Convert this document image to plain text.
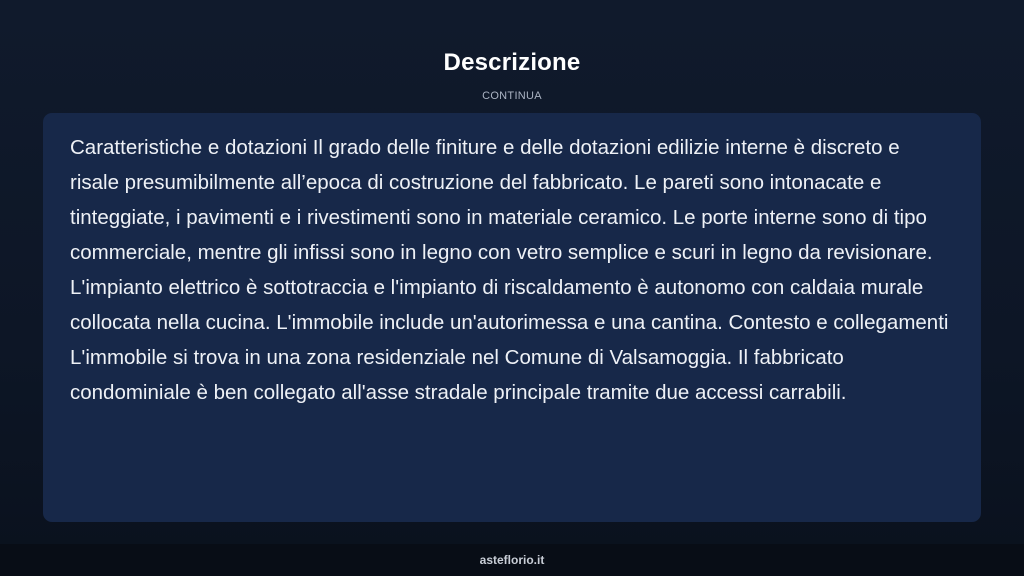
Descrizione
CONTINUA

Caratteristiche e dotazioni Il grado delle finiture e delle dotazioni edilizie interne è discreto e risale presumibilmente all’epoca di costruzione del fabbricato. Le pareti sono intonacate e tinteggiate, i pavimenti e i rivestimenti sono in materiale ceramico. Le porte interne sono di tipo commerciale, mentre gli infissi sono in legno con vetro semplice e scuri in legno da revisionare. L'impianto elettrico è sottotraccia e l'impianto di riscaldamento è autonomo con caldaia murale collocata nella cucina. L'immobile include un'autorimessa e una cantina. Contesto e collegamenti L'immobile si trova in una zona residenziale nel Comune di Valsamoggia. Il fabbricato condominiale è ben collegato all'asse stradale principale tramite due accessi carrabili.

asteflorio.it
